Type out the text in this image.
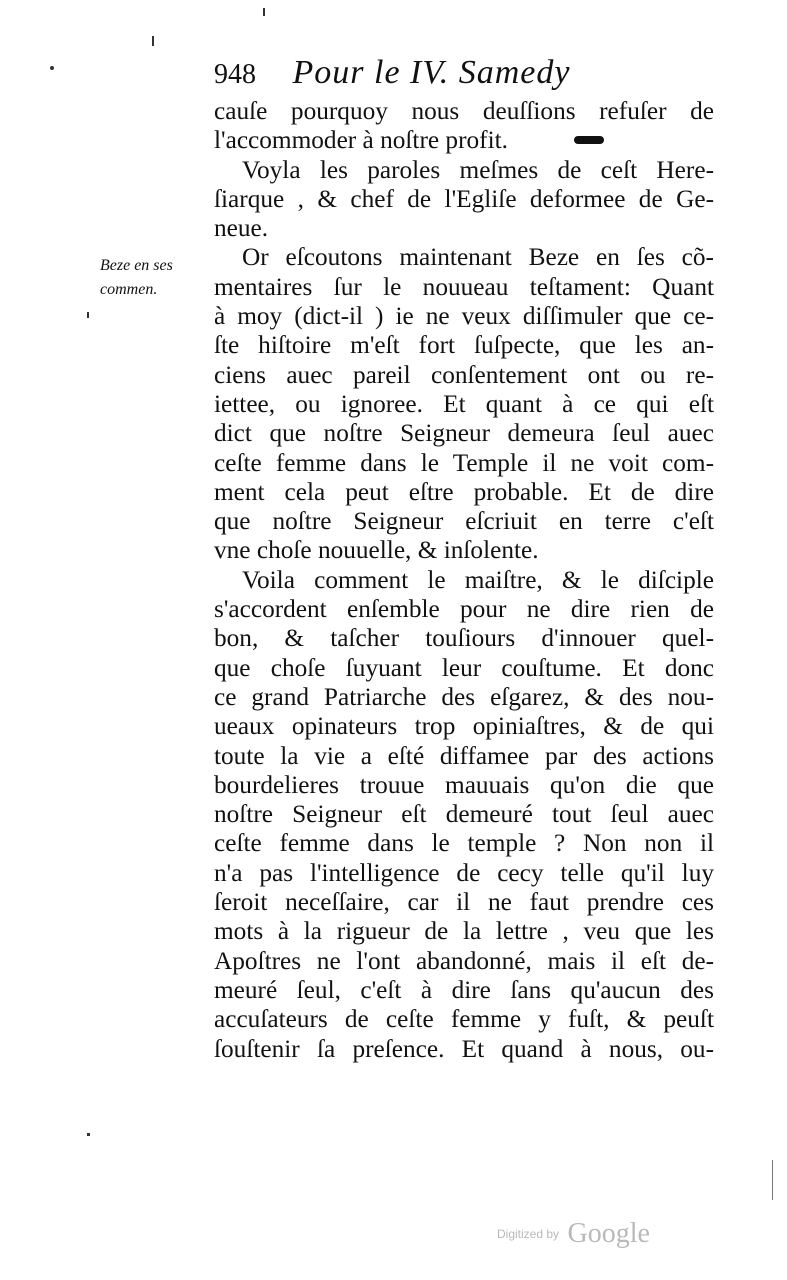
948 Pour le IV. Samedy
Beze en ses
commen.
cauſe pourquoy nous deuſſions refuſer de
l'accommoder à noſtre profit.
Voyla les paroles meſmes de ceſt Here-
ſiarque , & chef de l'Egliſe deformee de Ge-
neue.
Or eſcoutons maintenant Beze en ſes cõ-
mentaires ſur le nouueau teſtament: Quant
à moy (dict-il ) ie ne veux diſſimuler que ce-
ſte hiſtoire m'eſt fort ſuſpecte, que les an-
ciens auec pareil conſentement ont ou re-
iettee, ou ignoree. Et quant à ce qui eſt
dict que noſtre Seigneur demeura ſeul auec
ceſte femme dans le Temple il ne voit com-
ment cela peut eſtre probable. Et de dire
que noſtre Seigneur eſcriuit en terre c'eſt
vne choſe nouuelle, & inſolente.
Voila comment le maiſtre, & le diſciple
s'accordent enſemble pour ne dire rien de
bon, & taſcher touſiours d'innouer quel-
que choſe ſuyuant leur couſtume. Et donc
ce grand Patriarche des eſgarez, & des nou-
ueaux opinateurs trop opiniaſtres, & de qui
toute la vie a eſté diffamee par des actions
bourdelieres trouue mauuais qu'on die que
noſtre Seigneur eſt demeuré tout ſeul auec
ceſte femme dans le temple ? Non non il
n'a pas l'intelligence de cecy telle qu'il luy
ſeroit neceſſaire, car il ne faut prendre ces
mots à la rigueur de la lettre , veu que les
Apoſtres ne l'ont abandonné, mais il eſt de-
meuré ſeul, c'eſt à dire ſans qu'aucun des
accuſateurs de ceſte femme y fuſt, & peuſt
ſouſtenir ſa preſence. Et quand à nous, ou-
Digitized by Google
